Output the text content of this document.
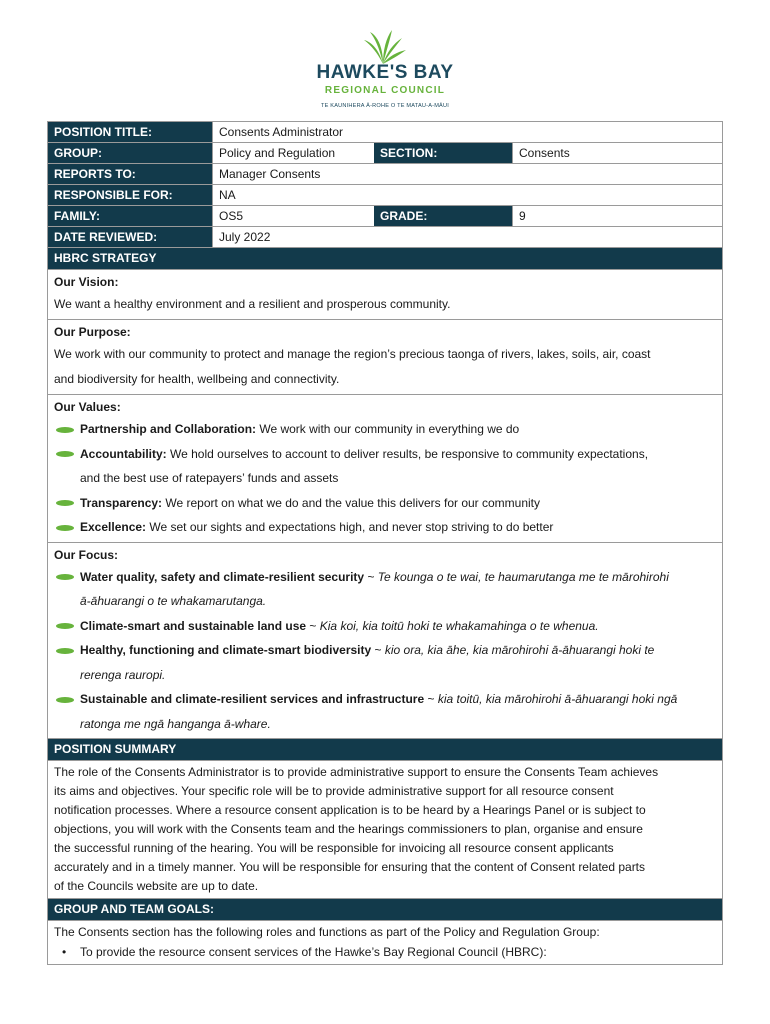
HAWKE'S BAY
REGIONAL COUNCIL
TE KAUNIHERA Ā-ROHE O TE MATAU-A-MĀUI
POSITION TITLE:	Consents Administrator
GROUP:	Policy and Regulation	SECTION:	Consents
REPORTS TO:	Manager Consents
RESPONSIBLE FOR:	NA
FAMILY:	OS5	GRADE:	9
DATE REVIEWED:	July 2022
HBRC STRATEGY
Our Vision:

We want a healthy environment and a resilient and prosperous community.

Our Purpose:

We work with our community to protect and manage the region’s precious taonga of rivers, lakes, soils, air, coast

and biodiversity for health, wellbeing and connectivity.

Our Values:
Partnership and Collaboration: We work with our community in everything we do
Accountability: We hold ourselves to account to deliver results, be responsive to community expectations,
and the best use of ratepayers’ funds and assets
Transparency: We report on what we do and the value this delivers for our community
Excellence: We set our sights and expectations high, and never stop striving to do better
Our Focus:
Water quality, safety and climate-resilient security ~ Te kounga o te wai, te haumarutanga me te mārohirohi
ā-āhuarangi o te whakamarutanga.
Climate-smart and sustainable land use ~ Kia koi, kia toitū hoki te whakamahinga o te whenua.
Healthy, functioning and climate-smart biodiversity ~ kio ora, kia āhe, kia mārohirohi ā-āhuarangi hoki te
rerenga rauropi.
Sustainable and climate-resilient services and infrastructure ~ kia toitū, kia mārohirohi ā-āhuarangi hoki ngā
ratonga me ngā hanganga ā-whare.
POSITION SUMMARY
The role of the Consents Administrator is to provide administrative support to ensure the Consents Team achieves
its aims and objectives. Your specific role will be to provide administrative support for all resource consent
notification processes. Where a resource consent application is to be heard by a Hearings Panel or is subject to
objections, you will work with the Consents team and the hearings commissioners to plan, organise and ensure
the successful running of the hearing. You will be responsible for invoicing all resource consent applicants
accurately and in a timely manner. You will be responsible for ensuring that the content of Consent related parts
of the Councils website are up to date.
GROUP AND TEAM GOALS:
The Consents section has the following roles and functions as part of the Policy and Regulation Group:
•	To provide the resource consent services of the Hawke’s Bay Regional Council (HBRC):
